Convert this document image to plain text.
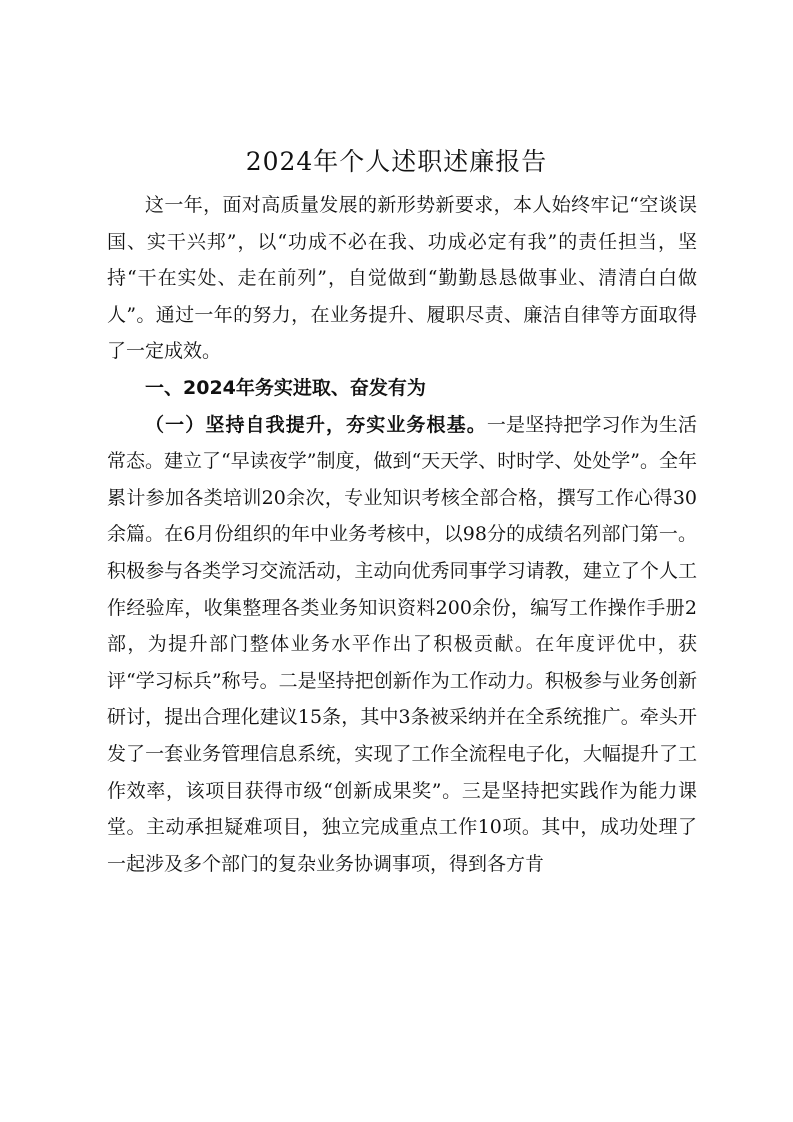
2024年个人述职述廉报告

这一年，面对高质量发展的新形势新要求，本人始终牢记“空谈误国、实干兴邦”，以“功成不必在我、功成必定有我”的责任担当，坚持“干在实处、走在前列”，自觉做到“勤勤恳恳做事业、清清白白做人”。通过一年的努力，在业务提升、履职尽责、廉洁自律等方面取得了一定成效。

一、2024年务实进取、奋发有为

（一）坚持自我提升，夯实业务根基。一是坚持把学习作为生活常态。建立了“早读夜学”制度，做到“天天学、时时学、处处学”。全年累计参加各类培训20余次，专业知识考核全部合格，撰写工作心得30余篇。在6月份组织的年中业务考核中，以98分的成绩名列部门第一。积极参与各类学习交流活动，主动向优秀同事学习请教，建立了个人工作经验库，收集整理各类业务知识资料200余份，编写工作操作手册2部，为提升部门整体业务水平作出了积极贡献。在年度评优中，获评“学习标兵”称号。二是坚持把创新作为工作动力。积极参与业务创新研讨，提出合理化建议15条，其中3条被采纳并在全系统推广。牵头开发了一套业务管理信息系统，实现了工作全流程电子化，大幅提升了工作效率，该项目获得市级“创新成果奖”。三是坚持把实践作为能力课堂。主动承担疑难项目，独立完成重点工作10项。其中，成功处理了一起涉及多个部门的复杂业务协调事项，得到各方肯
